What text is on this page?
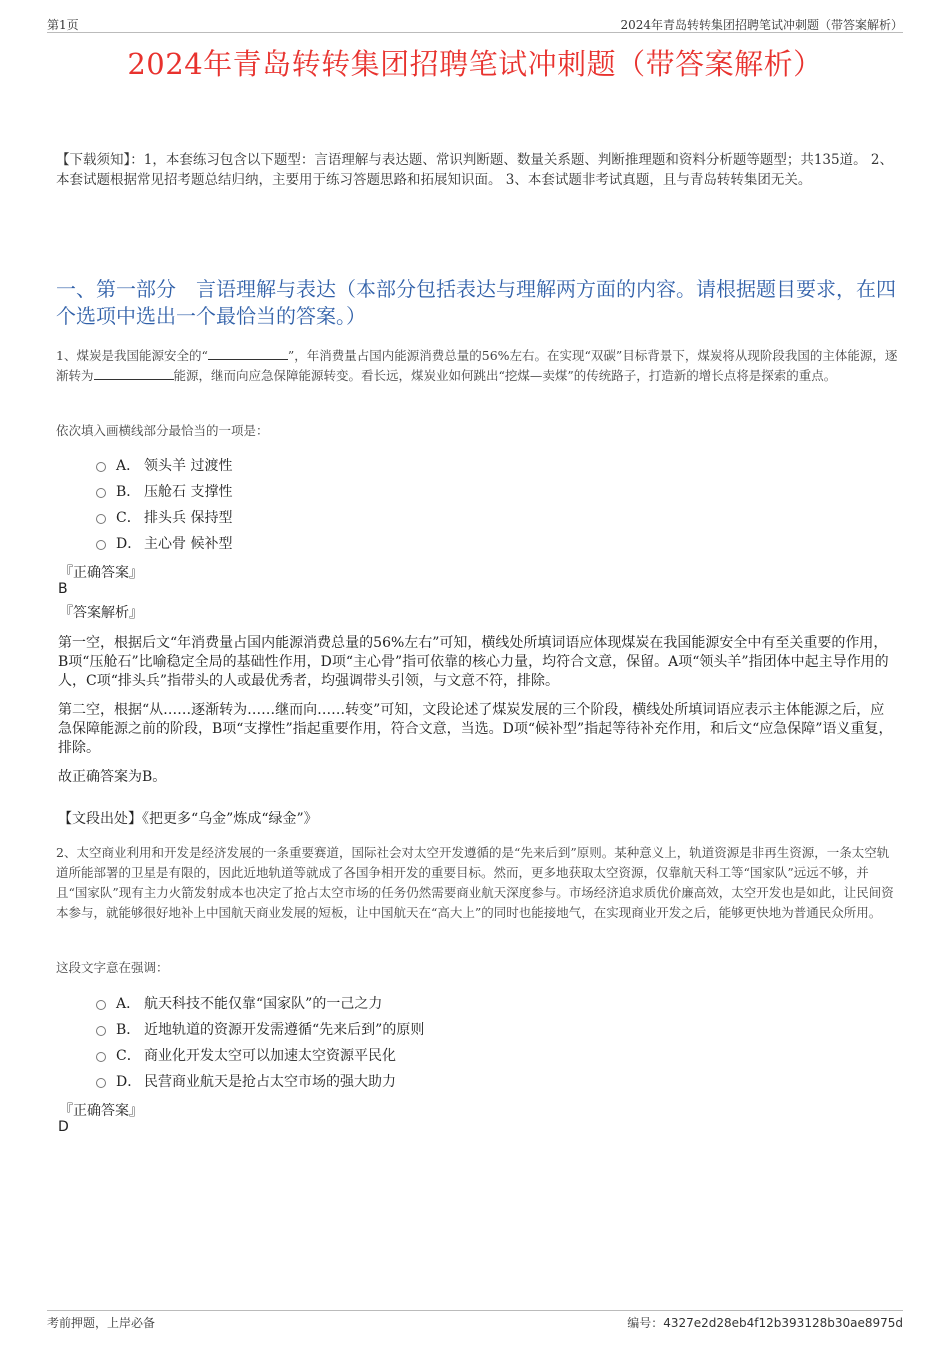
第1页	2024年青岛转转集团招聘笔试冲刺题（带答案解析）
2024年青岛转转集团招聘笔试冲刺题（带答案解析）
【下载须知】：1，本套练习包含以下题型：言语理解与表达题、常识判断题、数量关系题、判断推理题和资料分析题等题型；共135道。 2、本套试题根据常见招考题总结归纳，主要用于练习答题思路和拓展知识面。 3、本套试题非考试真题，且与青岛转转集团无关。
一、第一部分　言语理解与表达（本部分包括表达与理解两方面的内容。请根据题目要求，在四个选项中选出一个最恰当的答案。）
1、煤炭是我国能源安全的“	”，年消费量占国内能源消费总量的56%左右。在实现“双碳”目标背景下，煤炭将从现阶段我国的主体能源，逐渐转为	能源，继而向应急保障能源转变。看长远，煤炭业如何跳出“挖煤—卖煤”的传统路子，打造新的增长点将是探索的重点。
依次填入画横线部分最恰当的一项是：
A． 领头羊 过渡性
B． 压舱石 支撑性
C． 排头兵 保持型
D． 主心骨 候补型
『正确答案』
B
『答案解析』

第一空，根据后文“年消费量占国内能源消费总量的56%左右”可知，横线处所填词语应体现煤炭在我国能源安全中有至关重要的作用，B项“压舱石”比喻稳定全局的基础性作用，D项“主心骨”指可依靠的核心力量，均符合文意，保留。A项“领头羊”指团体中起主导作用的人，C项“排头兵”指带头的人或最优秀者，均强调带头引领，与文意不符，排除。

第二空，根据“从……逐渐转为……继而向……转变”可知，文段论述了煤炭发展的三个阶段，横线处所填词语应表示主体能源之后，应急保障能源之前的阶段，B项“支撑性”指起重要作用，符合文意，当选。D项“候补型”指起等待补充作用，和后文“应急保障”语义重复，排除。

故正确答案为B。

【文段出处】《把更多“乌金”炼成“绿金”》
2、太空商业利用和开发是经济发展的一条重要赛道，国际社会对太空开发遵循的是“先来后到”原则。某种意义上，轨道资源是非再生资源，一条太空轨道所能部署的卫星是有限的，因此近地轨道等就成了各国争相开发的重要目标。然而，更多地获取太空资源，仅靠航天科工等“国家队”远远不够，并且“国家队”现有主力火箭发射成本也决定了抢占太空市场的任务仍然需要商业航天深度参与。市场经济追求质优价廉高效，太空开发也是如此，让民间资本参与，就能够很好地补上中国航天商业发展的短板，让中国航天在“高大上”的同时也能接地气，在实现商业开发之后，能够更快地为普通民众所用。
这段文字意在强调：
A． 航天科技不能仅靠“国家队”的一己之力
B． 近地轨道的资源开发需遵循“先来后到”的原则
C． 商业化开发太空可以加速太空资源平民化
D． 民营商业航天是抢占太空市场的强大助力
『正确答案』
D
考前押题，上岸必备	编号：4327e2d28eb4f12b393128b30ae8975d
